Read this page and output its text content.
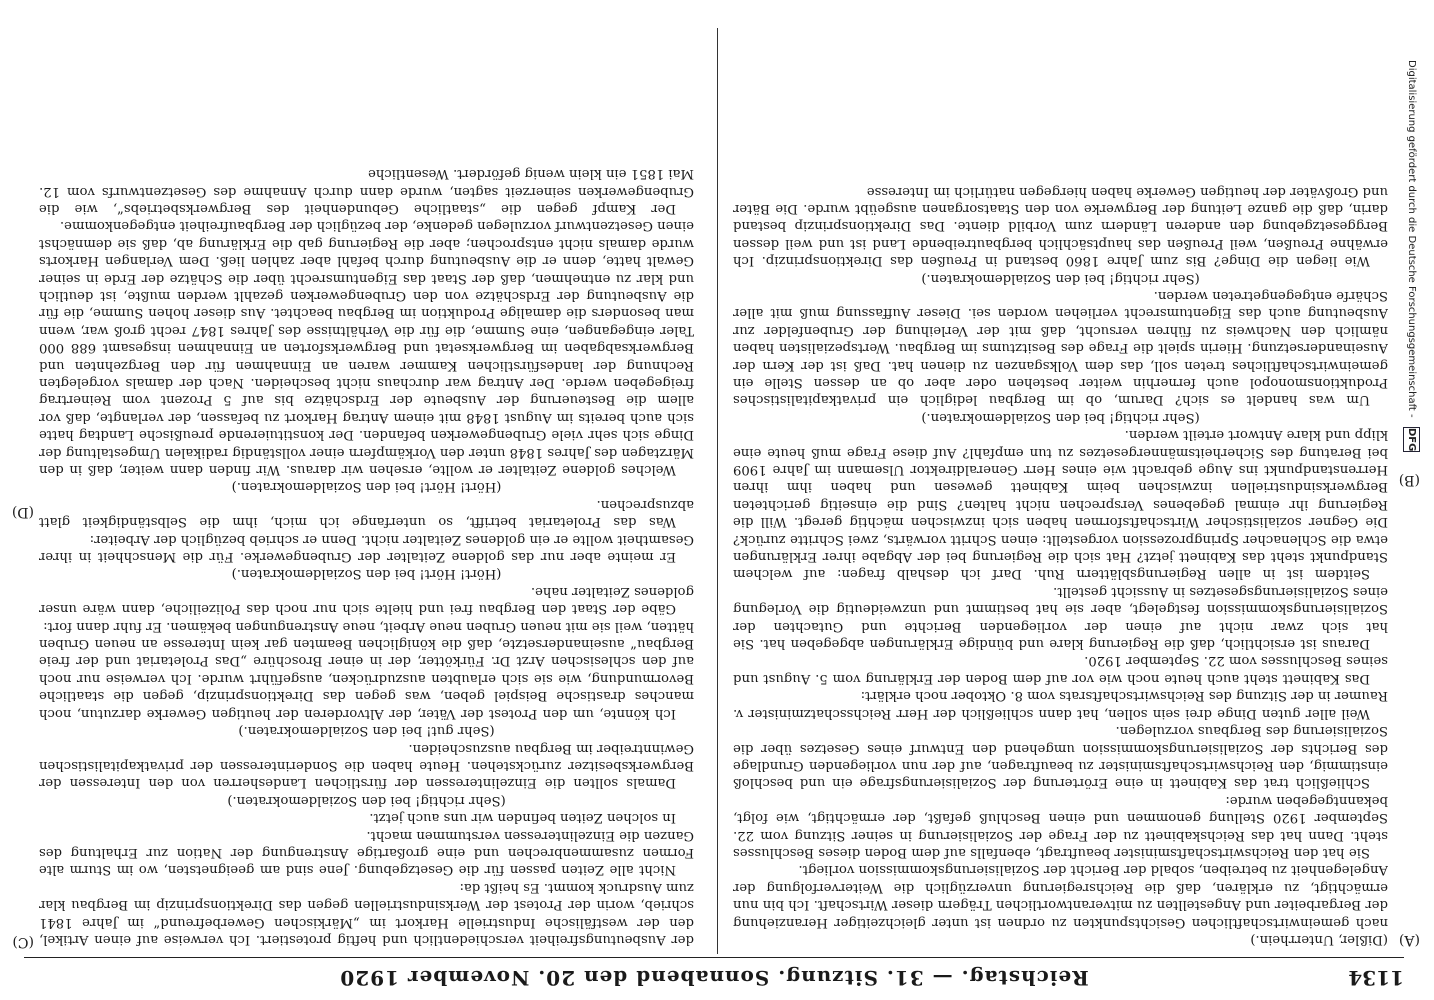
1134
Reichstag. — 31. Sitzung. Sonnabend den 20. November 1920
(A)
(B)
(C)
(D)

(Dißler, Unterrhein.)

nach gemeinwirtschaftlichen Gesichtspunkten zu ordnen ist unter gleichzeitiger Heranziehung der Bergarbeiter und Angestellten zu mitverantwortlichen Trägern dieser Wirtschaft. Ich bin nun ermächtigt, zu erklären, daß die Reichsregierung unverzüglich die Weiterverfolgung der Angelegenheit zu betreiben, sobald der Bericht der Sozialisierungskommission vorliegt.

Sie hat den Reichswirtschaftsminister beauftragt, ebenfalls auf dem Boden dieses Beschlusses steht. Dann hat das Reichskabinett zu der Frage der Sozialisierung in seiner Sitzung vom 22. September 1920 Stellung genommen und einen Beschluß gefaßt, der ermächtigt, wie folgt, bekanntgegeben wurde:

Schließlich trat das Kabinett in eine Erörterung der Sozialisierungsfrage ein und beschloß einstimmig, den Reichswirtschaftsminister zu beauftragen, auf der nun vorliegenden Grundlage des Berichts der Sozialisierungskommission umgehend den Entwurf eines Gesetzes über die Sozialisierung des Bergbaus vorzulegen.

Weil aller guten Dinge drei sein sollen, hat dann schließlich der Herr Reichsschatzminister v. Raumer in der Sitzung des Reichswirtschaftsrats vom 8. Oktober noch erklärt:

Das Kabinett steht auch heute noch wie vor auf dem Boden der Erklärung vom 5. August und seines Beschlusses vom 22. September 1920.

Daraus ist ersichtlich, daß die Regierung klare und bündige Erklärungen abgegeben hat. Sie hat sich zwar nicht auf einen der vorliegenden Berichte und Gutachten der Sozialisierungskommission festgelegt, aber sie hat bestimmt und unzweideutig die Vorlegung eines Sozialisierungsgesetzes in Aussicht gestellt.

Seitdem ist in allen Regierungsblättern Ruh. Darf ich deshalb fragen: auf welchem Standpunkt steht das Kabinett jetzt? Hat sich die Regierung bei der Abgabe ihrer Erklärungen etwa die Schlenacher Springprozession vorgestellt: einen Schritt vorwärts, zwei Schritte zurück? Die Gegner sozialistischer Wirtschaftsformen haben sich inzwischen mächtig geregt. Will die Regierung ihr einmal gegebenes Versprechen nicht halten? Sind die einseitig gerichteten Bergwerksindustriellen inzwischen beim Kabinett gewesen und haben ihm ihren Herrenstandpunkt ins Auge gebracht wie eines Herr Generaldirektor Ulsemann im Jahre 1909 bei Beratung des Sicherheitsmännergesetzes zu tun empfahl? Auf diese Frage muß heute eine klipp und klare Antwort erteilt werden.

(Sehr richtig! bei den Sozialdemokraten.)

Um was handelt es sich? Darum, ob im Bergbau lediglich ein privatkapitalistisches Produktionsmonopol auch fernerhin weiter bestehen oder aber ob an dessen Stelle ein gemeinwirtschaftliches treten soll, das dem Volksganzen zu dienen hat. Daß ist der Kern der Auseinandersetzung. Hierin spielt die Frage des Besitztums im Bergbau. Wertspezialisten haben nämlich den Nachweis zu führen versucht, daß mit der Verleihung der Grubenfelder zur Ausbeutung auch das Eigentumsrecht verliehen worden sei. Dieser Auffassung muß mit aller Schärfe entgegengetreten werden.

(Sehr richtig! bei den Sozialdemokraten.)

Wie liegen die Dinge? Bis zum Jahre 1860 bestand in Preußen das Direktionsprinzip. Ich erwähne Preußen, weil Preußen das hauptsächlich bergbautreibende Land ist und weil dessen Berggesetzgebung den anderen Ländern zum Vorbild diente. Das Direktionsprinzip bestand darin, daß die ganze Leitung der Bergwerke von den Staatsorganen ausgeübt wurde. Die Bäter und Großväter der heutigen Gewerke haben hiergegen natürlich im Interesse

der Ausbeutungsfreiheit verschiedentlich und heftig protestiert. Ich verweise auf einen Artikel, den der westfälische Industrielle Harkort im „Märkischen Gewerbefreund“ im Jahre 1841 schrieb, worin der Protest der Werksindustriellen gegen das Direktionsprinzip im Bergbau klar zum Ausdruck kommt. Es heißt da:

Nicht alle Zeiten passen für die Gesetzgebung. Jene sind am geeignetsten, wo im Sturm alte Formen zusammenbrechen und eine großartige Anstrengung der Nation zur Erhaltung des Ganzen die Einzelinteressen verstummen macht.

In solchen Zeiten befinden wir uns auch jetzt.

(Sehr richtig! bei den Sozialdemokraten.)

Damals sollten die Einzelinteressen der fürstlichen Landesherren von den Interessen der Bergwerksbesitzer zurückstehen. Heute haben die Sonderinteressen der privatkapitalistischen Gewinntreiber im Bergbau auszuscheiden.

(Sehr gut! bei den Sozialdemokraten.)

Ich könnte, um den Protest der Väter, der Altvorderen der heutigen Gewerke darzutun, noch manches drastische Beispiel geben, was gegen das Direktionsprinzip, gegen die staatliche Bevormundung, wie sie sich erlaubten auszudrücken, ausgeführt wurde. Ich verweise nur noch auf den schlesischen Arzt Dr. Fürkötter, der in einer Broschüre „Das Proletariat und der freie Bergbau“ auseinandersetzte, daß die königlichen Beamten gar kein Interesse an neuen Gruben hätten, weil sie mit neuen Gruben neue Arbeit, neue Anstrengungen bekämen. Er fuhr dann fort:

Gäbe der Staat den Bergbau frei und hielte sich nur noch das Polizeiliche, dann wäre unser goldenes Zeitalter nahe.

(Hört! Hört! bei den Sozialdemokraten.)

Er meinte aber nur das goldene Zeitalter der Grubengewerke. Für die Menschheit in ihrer Gesamtheit wollte er ein goldenes Zeitalter nicht. Denn er schrieb bezüglich der Arbeiter:

Was das Proletariat betrifft, so unterfange ich mich, ihm die Selbständigkeit glatt abzusprechen.

(Hört! Hört! bei den Sozialdemokraten.)

Welches goldene Zeitalter er wollte, ersehen wir daraus. Wir finden dann weiter, daß in den Märztagen des Jahres 1848 unter den Vorkämpfern einer vollständig radikalen Umgestaltung der Dinge sich sehr viele Grubengewerken befanden. Der konstituierende preußische Landtag hatte sich auch bereits im August 1848 mit einem Antrag Harkort zu befassen, der verlangte, daß vor allem die Besteuerung der Ausbeute der Erdschätze bis auf 5 Prozent vom Reinertrag freigegeben werde. Der Antrag war durchaus nicht bescheiden. Nach der damals vorgelegten Rechnung der landesfürstlichen Kammer waren an Einnahmen für den Bergzehnten und Bergwerksabgaben im Bergwerksetat und Bergwerksforten an Einnahmen insgesamt 688 000 Taler eingegangen, eine Summe, die für die Verhältnisse des Jahres 1847 recht groß war, wenn man besonders die damalige Produktion im Bergbau beachtet. Aus dieser hohen Summe, die für die Ausbeutung der Erdschätze von den Grubengewerken gezahlt werden mußte, ist deutlich und klar zu entnehmen, daß der Staat das Eigentumsrecht über die Schätze der Erde in seiner Gewalt hatte, denn er die Ausbeutung durch befahl aber zahlen ließ. Dem Verlangen Harkorts wurde damals nicht entsprochen; aber die Regierung gab die Erklärung ab, daß sie demnächst einen Gesetzentwurf vorzulegen gedenke, der bezüglich der Bergbaufreiheit entgegenkomme.

Der Kampf gegen die „staatliche Gebundenheit des Bergwerksbetriebs“, wie die Grubengewerken seinerzeit sagten, wurde dann durch Annahme des Gesetzentwurfs vom 12. Mai 1851 ein klein wenig gefördert. Wesentliche	Digitalisierung gefördert durch die Deutsche Forschungsgemeinschaft - DFG
